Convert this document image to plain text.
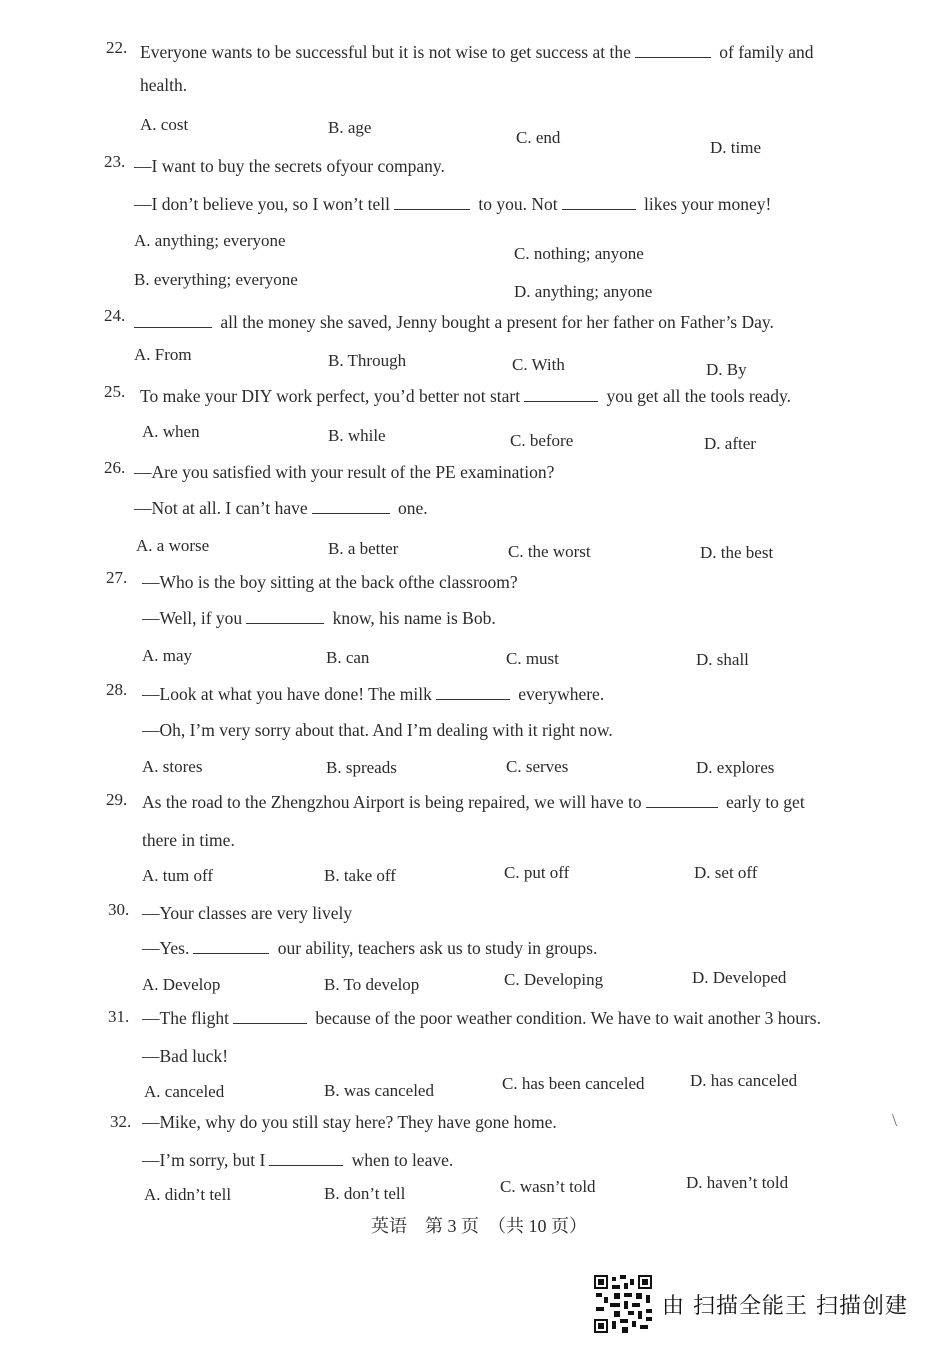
22. Everyone wants to be successful but it is not wise to get success at the	of family and
health.
A. cost	B. age
C. end
D. time
23. —I want to buy the secrets ofyour company.
—I don’t believe you, so I won’t tell	to you. Not	likes your money!
A. anything; everyone
B. everything; everyone
C. nothing; anyone
D. anything; anyone
24.	all the money she saved, Jenny bought a present for her father on Father’s Day.
A. From	B. Through	C. With	D. By
25. To make your DIY work perfect, you’d better not start	you get all the tools ready.
A. when	B. while	C. before	D. after
26. —Are you satisfied with your result of the PE examination?
—Not at all. I can’t have	one.
A. a worse	B. a better	C. the worst	D. the best
27. —Who is the boy sitting at the back ofthe classroom?
—Well, if you	know, his name is Bob.
A. may	B. can	C. must	D. shall
28. —Look at what you have done! The milk	everywhere.
—Oh, I’m very sorry about that. And I’m dealing with it right now.
A. stores	B. spreads	C. serves	D. explores
29. As the road to the Zhengzhou Airport is being repaired, we will have to	early to get
there in time.
A. tum off	B. take off	C. put off	D. set off
30. —Your classes are very lively
—Yes.	our ability, teachers ask us to study in groups.
A. Develop	B. To develop	C. Developing	D. Developed
31. —The flight	because of the poor weather condition. We have to wait another 3 hours.
—Bad luck!
A. canceled	B. was canceled	C. has been canceled	D. has canceled
32. —Mike, why do you still stay here? They have gone home.
—I’m sorry, but I	when to leave.
A. didn’t tell	B. don’t tell	C. wasn’t told	D. haven’t told
\
英语　第 3 页　（共 10 页）
由 扫描全能王 扫描创建
